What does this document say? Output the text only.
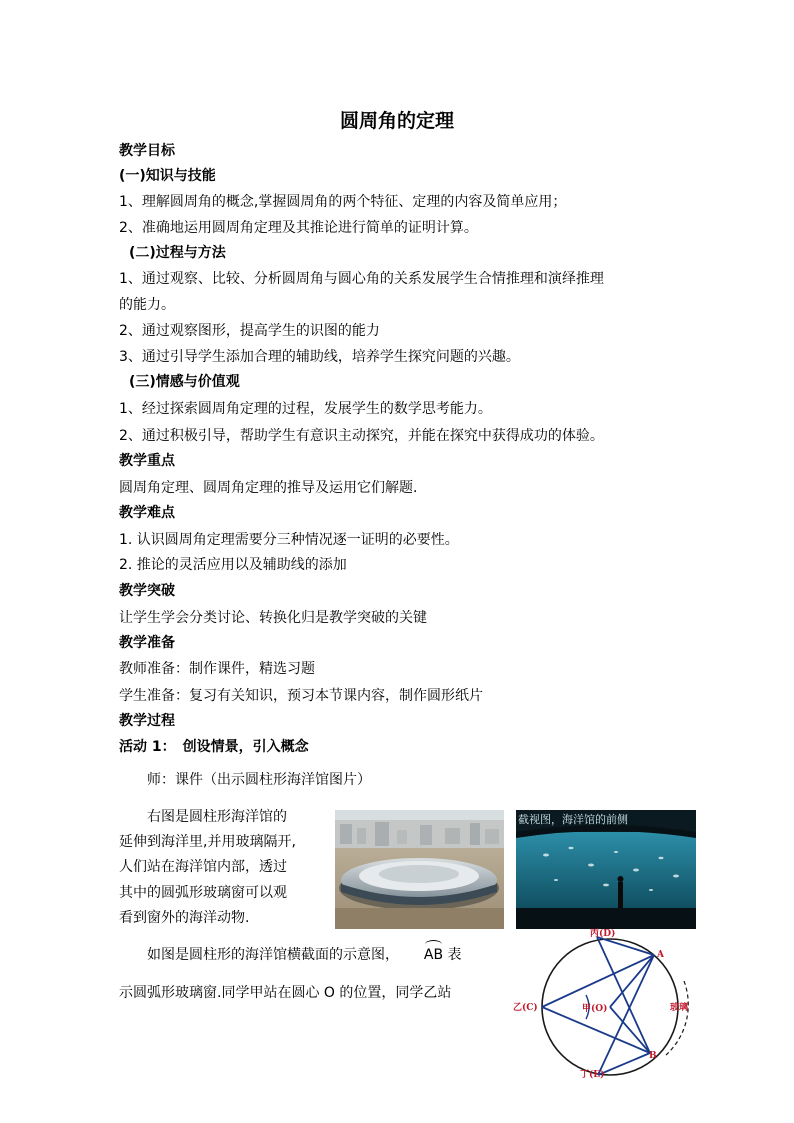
圆周角的定理
教学目标
(一)知识与技能
1、理解圆周角的概念,掌握圆周角的两个特征、定理的内容及简单应用；
2、准确地运用圆周角定理及其推论进行简单的证明计算。
(二)过程与方法
1、通过观察、比较、分析圆周角与圆心角的关系发展学生合情推理和演绎推理
的能力。
2、通过观察图形，提高学生的识图的能力
3、通过引导学生添加合理的辅助线，培养学生探究问题的兴趣。
(三)情感与价值观
1、经过探索圆周角定理的过程，发展学生的数学思考能力。
2、通过积极引导，帮助学生有意识主动探究，并能在探究中获得成功的体验。
教学重点
圆周角定理、圆周角定理的推导及运用它们解题.
教学难点
1. 认识圆周角定理需要分三种情况逐一证明的必要性。
2. 推论的灵活应用以及辅助线的添加
教学突破
让学生学会分类讨论、转换化归是教学突破的关键
教学准备
教师准备：制作课件，精选习题
学生准备：复习有关知识，预习本节课内容，制作圆形纸片
教学过程
活动 1：　创设情景，引入概念
师：课件（出示圆柱形海洋馆图片）
右图是圆柱形海洋馆的
延伸到海洋里,并用玻璃隔开,
人们站在海洋馆内部，透过
其中的圆弧形玻璃窗可以观
看到窗外的海洋动物.
如图是圆柱形的海洋馆横截面的示意图， AB 表
示圆弧形玻璃窗.同学甲站在圆心 O 的位置，同学乙站
截视图，海洋馆的前侧
A
B
乙(C)
丙(D)
丁(E)
甲(O)	玻璃
